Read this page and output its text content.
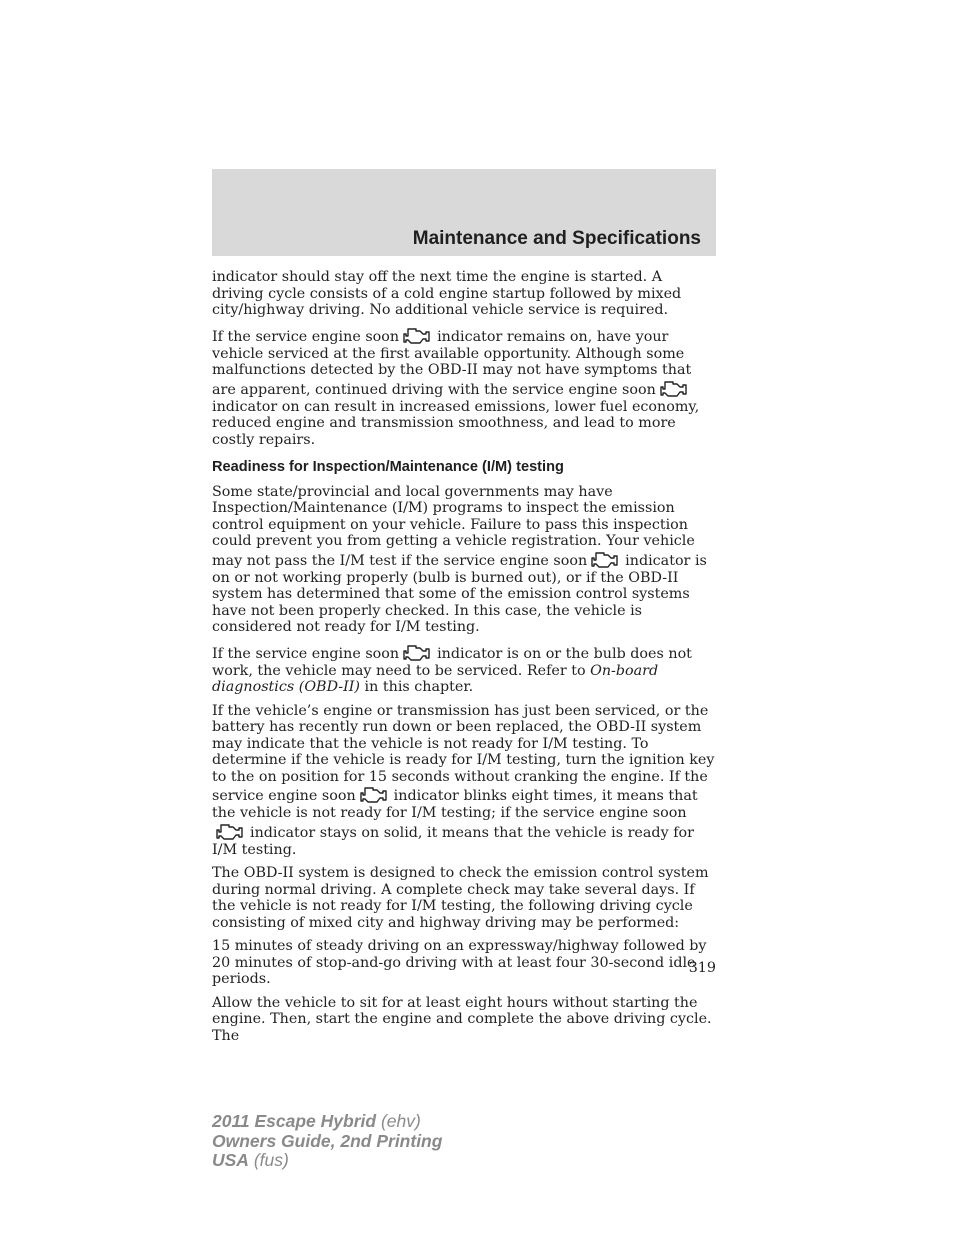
Maintenance and Specifications

indicator should stay off the next time the engine is started. A driving cycle consists of a cold engine startup followed by mixed city/highway driving. No additional vehicle service is required.

If the service engine soon	indicator remains on, have your vehicle serviced at the first available opportunity. Although some malfunctions detected by the OBD-II may not have symptoms that are apparent, continued driving with the service engine soon
indicator on can result in increased emissions, lower fuel economy, reduced engine and transmission smoothness, and lead to more costly repairs.

Readiness for Inspection/Maintenance (I/M) testing

Some state/provincial and local governments may have Inspection/Maintenance (I/M) programs to inspect the emission control equipment on your vehicle. Failure to pass this inspection could prevent you from getting a vehicle registration. Your vehicle may not pass the I/M test if the service engine soon	indicator is on or not working properly (bulb is burned out), or if the OBD-II system has determined that some of the emission control systems have not been properly checked. In this case, the vehicle is considered not ready for I/M testing.

If the service engine soon	indicator is on or the bulb does not work, the vehicle may need to be serviced. Refer to On-board diagnostics (OBD-II) in this chapter.

If the vehicle’s engine or transmission has just been serviced, or the battery has recently run down or been replaced, the OBD-II system may indicate that the vehicle is not ready for I/M testing. To determine if the vehicle is ready for I/M testing, turn the ignition key to the on position for 15 seconds without cranking the engine. If the service engine soon	indicator blinks eight times, it means that the vehicle is not ready for I/M testing; if the service engine soon
indicator stays on solid, it means that the vehicle is ready for I/M testing.

The OBD-II system is designed to check the emission control system during normal driving. A complete check may take several days. If the vehicle is not ready for I/M testing, the following driving cycle consisting of mixed city and highway driving may be performed:

15 minutes of steady driving on an expressway/highway followed by 20 minutes of stop-and-go driving with at least four 30-second idle periods.

Allow the vehicle to sit for at least eight hours without starting the engine. Then, start the engine and complete the above driving cycle. The

319
2011 Escape Hybrid (ehv)
Owners Guide, 2nd Printing
USA (fus)
